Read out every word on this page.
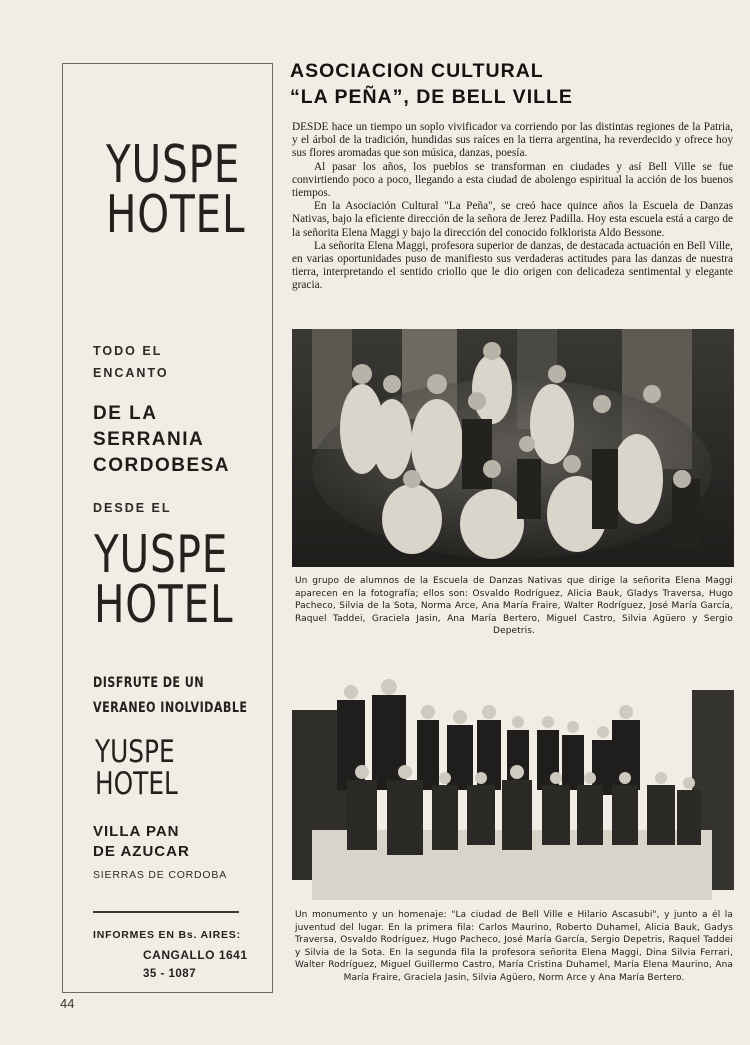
YUSPE
HOTEL
TODO EL
ENCANTO
DE LA
SERRANIA
CORDOBESA
DESDE EL
YUSPE
HOTEL
DISFRUTE DE UN
VERANEO INOLVIDABLE
YUSPE
HOTEL
VILLA PAN
DE AZUCAR
SIERRAS DE CORDOBA
INFORMES EN Bs. AIRES:
CANGALLO 1641
35 - 1087
44
ASOCIACION CULTURAL
“LA PEÑA”, DE BELL VILLE

DESDE hace un tiempo un soplo vivificador va corriendo por las distintas regiones de la Patria, y el árbol de la tradición, hundidas sus raíces en la tierra argentina, ha reverdecido y ofrece hoy sus flores aromadas que son música, danzas, poesía.

Al pasar los años, los pueblos se transforman en ciudades y así Bell Ville se fue convirtiendo poco a poco, llegando a esta ciudad de abolengo espiritual la acción de los buenos tiempos.

En la Asociación Cultural "La Peña", se creó hace quince años la Escuela de Danzas Nativas, bajo la eficiente dirección de la señora de Jerez Padilla. Hoy esta escuela está a cargo de la señorita Elena Maggi y bajo la dirección del conocido folklorista Aldo Bessone.

La señorita Elena Maggi, profesora superior de danzas, de destacada actuación en Bell Ville, en varias oportunidades puso de manifiesto sus verdaderas actitudes para las danzas de nuestra tierra, interpretando el sentido criollo que le dio origen con delicadeza sentimental y elegante gracia.

Un grupo de alumnos de la Escuela de Danzas Nativas que dirige la señorita Elena Maggi aparecen en la fotografía; ellos son: Osvaldo Rodríguez, Alicia Bauk, Gladys Traversa, Hugo Pacheco, Silvia de la Sota, Norma Arce, Ana María Fraire, Walter Rodríguez, José María García, Raquel Taddei, Graciela Jasin, Ana María Bertero, Miguel Castro, Silvia Agüero y Sergio Depetris.
Un monumento y un homenaje: "La ciudad de Bell Ville e Hilario Ascasubi", y junto a él la juventud del lugar. En la primera fila: Carlos Maurino, Roberto Duhamel, Alicia Bauk, Gadys Traversa, Osvaldo Rodríguez, Hugo Pacheco, José María García, Sergio Depetris, Raquel Taddei y Silvia de la Sota. En la segunda fila la profesora señorita Elena Maggi, Dina Silvia Ferrari, Walter Rodríguez, Miguel Guillermo Castro, María Cristina Duhamel, María Elena Maurino, Ana María Fraire, Graciela Jasin, Silvia Agüero, Norm Arce y Ana María Bertero.
